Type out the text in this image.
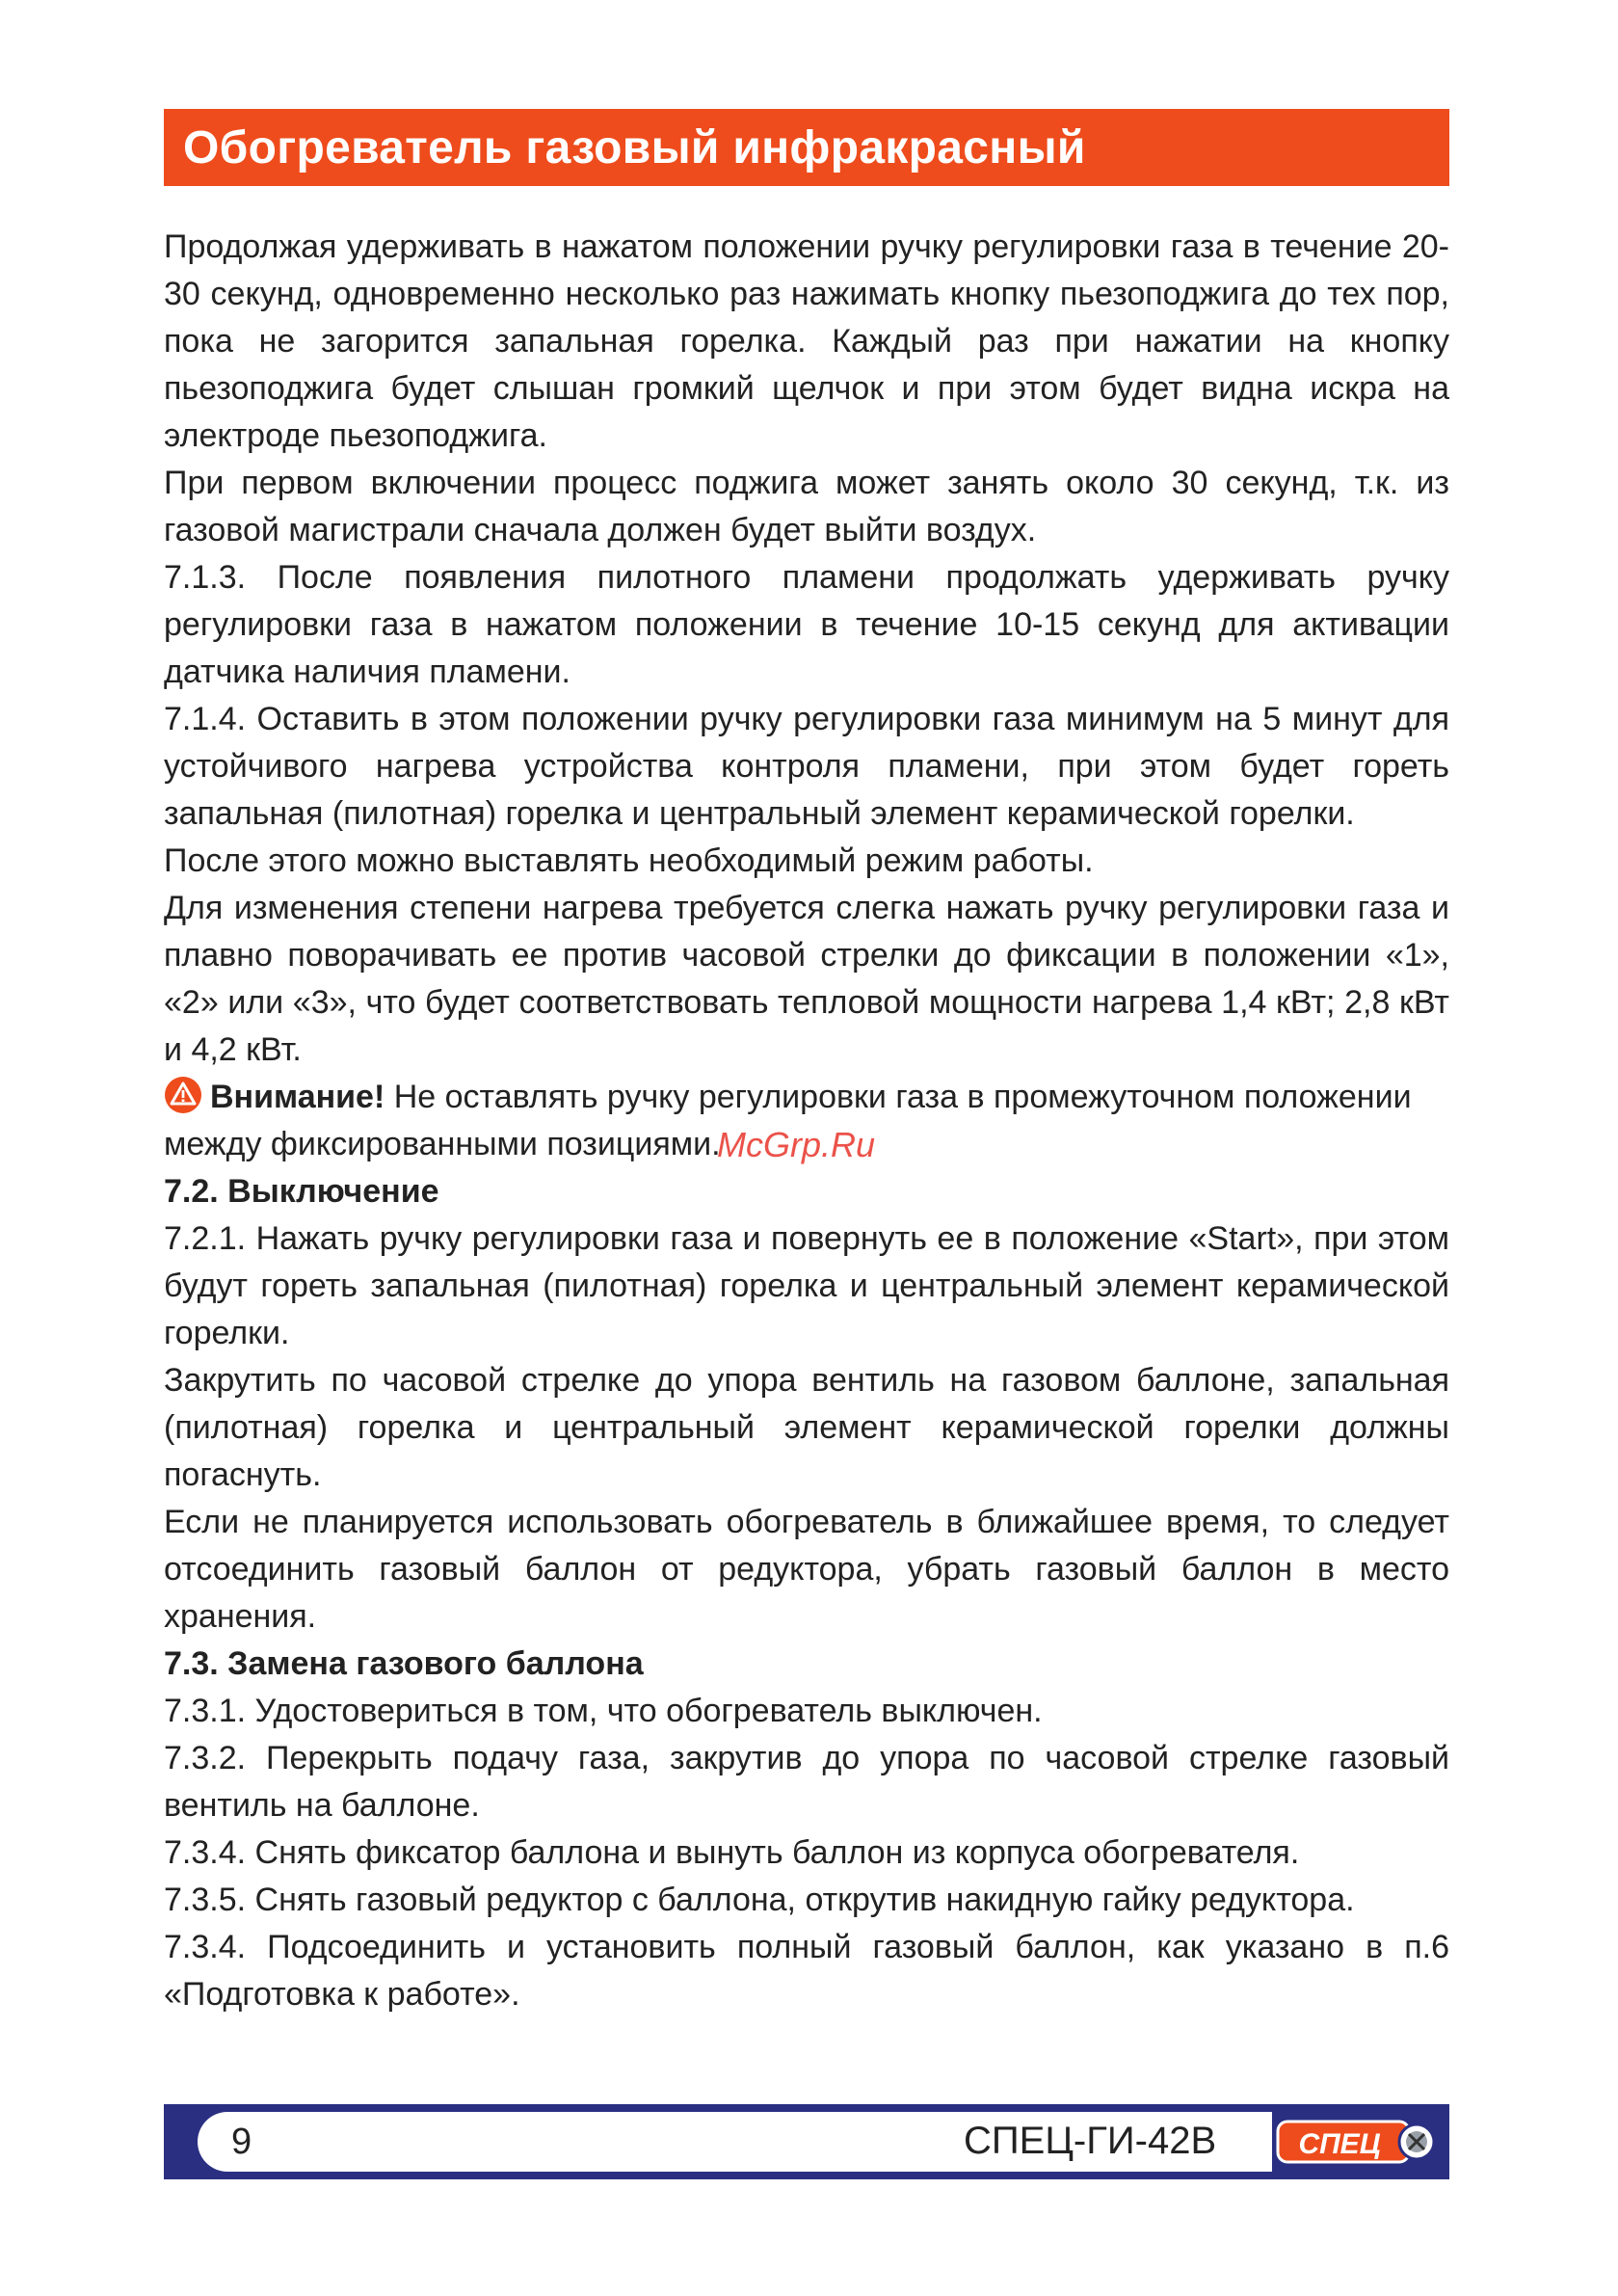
Обогреватель газовый инфракрасный

Продолжая удерживать в нажатом положении ручку регулировки газа в течение 20-30 секунд, одновременно несколько раз нажимать кнопку пьезоподжига до тех пор, пока не загорится запальная горелка. Каждый раз при нажатии на кнопку пьезоподжига будет слышан громкий щелчок и при этом будет видна искра на электроде пьезоподжига.

При первом включении процесс поджига может занять около 30 секунд, т.к. из газовой магистрали сначала должен будет выйти воздух.

7.1.3. После появления пилотного пламени продолжать удерживать ручку регулировки газа в нажатом положении в течение 10-15 секунд для активации датчика наличия пламени.

7.1.4. Оставить в этом положении ручку регулировки газа минимум на 5 минут для устойчивого нагрева устройства контроля пламени, при этом будет гореть запальная (пилотная) горелка и центральный элемент керамической горелки.

После этого можно выставлять необходимый режим работы.

Для изменения степени нагрева требуется слегка нажать ручку регулировки газа и плавно поворачивать ее против часовой стрелки до фиксации в положении «1», «2» или «3», что будет соответствовать тепловой мощности нагрева 1,4 кВт; 2,8 кВт и 4,2 кВт.

Внимание! Не оставлять ручку регулировки газа в промежуточном положении между фиксированными позициями.

7.2. Выключение

7.2.1. Нажать ручку регулировки газа и повернуть ее в положение «Start», при этом будут гореть запальная (пилотная) горелка и центральный элемент керамической горелки.

Закрутить по часовой стрелке до упора вентиль на газовом баллоне, запальная (пилотная) горелка и центральный элемент керамической горелки должны погаснуть.

Если не планируется использовать обогреватель в ближайшее время, то следует отсоединить газовый баллон от редуктора, убрать газовый баллон в место хранения.

7.3. Замена газового баллона

7.3.1. Удостовериться в том, что обогреватель выключен.

7.3.2. Перекрыть подачу газа, закрутив до упора по часовой стрелке газовый вентиль на баллоне.

7.3.4. Снять фиксатор баллона и вынуть баллон из корпуса обогревателя.

7.3.5. Снять газовый редуктор с баллона, открутив накидную гайку редуктора.

7.3.4. Подсоединить и установить полный газовый баллон, как указано в п.6 «Подготовка к работе».

McGrp.Ru
9	СПЕЦ-ГИ-42В	СПЕЦ
